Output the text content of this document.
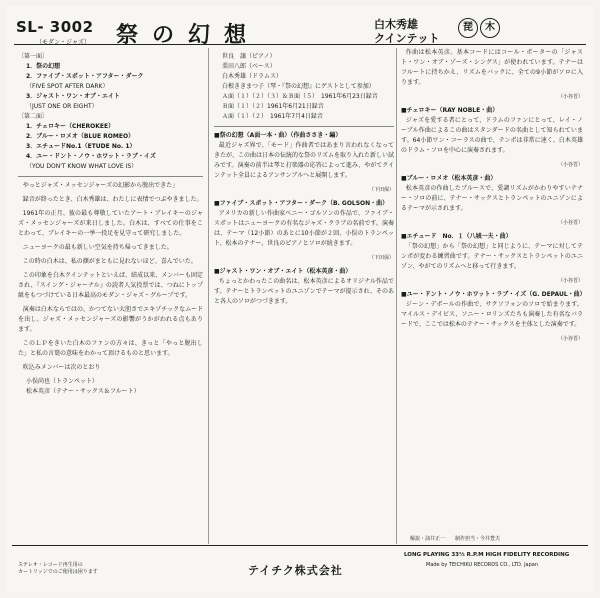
SL- 3002
（モダン・ジャズ） 祭の幻想	白木秀雄
クインテット
琵	木
〔第一面〕
1．祭の幻想
2．ファイブ・スポット・アフター・ダーク
（FIVE SPOT AFTER DARK）
3．ジャスト・ワン・オブ・エイト
（JUST ONE OR EIGHT）
〔第二面〕
1．チェロキー（CHEROKEE）
2．ブルー・ロメオ（BLUE ROMEO）
3．エチュードNo.1（ETUDE No. 1）
4．ユー・ドント・ノウ・ホワット・ラブ・イズ
（YOU DON'T KNOW WHAT LOVE IS）

やっとジャズ・メッセンジャーズの幻影から脱出できた」

録音が終ったとき、白木秀雄は、わたしに表情でつぶやきました。

1961年の正月、彼の最も尊敬していたアート・ブレイキーのジャズ・メッセンジャーズが来日しました。白木は、すべての仕事をことわって、ブレイキーの一挙一投足を見守って研究しました。

ニューヨークの最も新しい空気を持ち帰ってきました。

この時の白木は、私の顔がまともに見れないほど、喜んでいた。

この印象を白木クインテットといえば、結成以来、メンバーも固定され、『スイング・ジャーナル』の読者人気投票では、つねにトップ級をもつづけている日本最高のモダン・ジャズ・グループです。

演奏は白木ならではの、かつてない大胆さでエキゾチックなムードを出し、ジャズ・メッセンジャーズの影響がうかがわれる点もあります。

このＬＰをきいた白木のファンの方々は、きっと「やっと脱出した」と私の言葉の意味をわかって頂けるものと思います。

吹込みメンバーは次のとおり

小俣尚也（トランペット）
松本英彦（テナー・サックス＆フルート）
世良　譲（ピアノ）
栗田八郎（ベース）
白木秀雄（ドラムス）
白根ききまつ子（琴・『祭の幻想』にゲストとして参加）
Ａ面（１）（２）（３）＆Ｂ面（５）　1961年6月23日録音
Ｂ面（１）（２）1961年6月21日録音
Ａ面（１）（２）　1961年7月4日録音
■祭の幻想（A面一本・曲）（作曲ささき・編）

最近ジャズ界で、「モード」作曲者ではあまり言われなくなってきたが、この曲は日本の伝統的な祭のリズムを取り入れた新しい試みです。演奏の前半は琴と打楽器の応答によって進み、やがてクインテット全員によるアンサンブルへと展開します。

（下田保）
■ファイブ・スポット・アフター・ダーク（B. GOLSON・曲）

アメリカの新しい作曲家ベニー・ゴルソンの作品で、ファイブ・スポットはニューヨークの有名なジャズ・クラブの名前です。演奏は、テーマ（12小節）のあとに10小節が２回、小俣のトランペット、松本のテナー、世良のピアノとソロが続きます。

（下田保）
■ジャスト・ワン・オブ・エイト（松本英彦・曲）

ちょっとかわったこの曲名は、松本英彦によるオリジナル作品です。テナーとトランペットのユニゾンでテーマが提示され、そのあと各人のソロがつづきます。

作曲は松本英彦。基本コードにはコール・ポーターの「ジャスト・ワン・オブ・ゾーズ・シングス」が使われています。テナーはフルートに持ちかえ、リズムをバックに、全ての9小節がソロに入ります。

（小谷晋）
■チェロキー（RAY NOBLE・曲）

ジャズを愛する者にとって、ドラムのファンにとって、レイ・ノーブル作曲によるこの曲はスタンダードの名曲として知られています。64小節ワン・コーラスの曲で、テンポは非常に速く、白木英雄のドラム・ソロを中心に演奏されます。

（小谷晋）
■ブルー・ロメオ（松本英彦・曲）

松本英彦の作曲したブルースで、愛調リズムがかわりやすいテナー・ソロの前に、テナー・サックスとトランペットのユニゾンによるテーマが示されます。

（小谷晋）
■エチュード　No．１（八城一夫・曲）

「祭の幻想」から「祭の幻想」と同じように、テーマに対してテンポが変わる練習曲です。テナー・サックスとトランペットのユニゾン、やがてのリズムへと移って行きます。

（小谷晋）
■ユー・ドント・ノウ・ホワット・ラブ・イズ（G. DEPAUL・曲）

ジーン・デポールの作曲で、サクソフォンのソロで始まります。マイルス・デイビス、ソニー・ロリンズたちも演奏した有名なバラードで、ここでは松本のテナー・サックスを主体とした演奏です。

（小谷晋）
解説・油井正一　　制作担当・今井豊夫
ステレオ・レコード再生用の
カートリッジでのご使用は困ります	テイチク株式会社
LONG PLAYING 33⅓ R.P.M HIGH FIDELITY RECORDING
Made by TEICHIKU RECORDS CO., LTD. Japan
